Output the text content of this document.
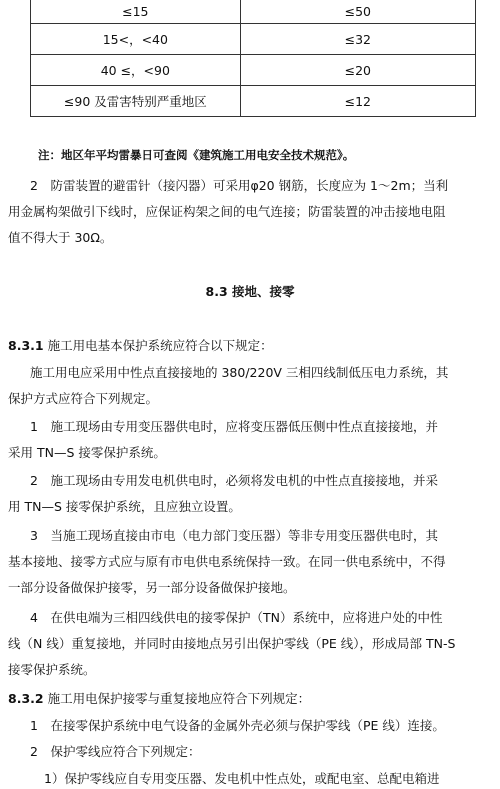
≤15	≤50
15<，<40	≤32
40 ≤，<90	≤20
≤90 及雷害特别严重地区	≤12
注：地区年平均雷暴日可查阅《建筑施工用电安全技术规范》。
2　防雷装置的避雷针（接闪器）可采用φ20 钢筋，长度应为 1～2m；当利
用金属构架做引下线时，应保证构架之间的电气连接；防雷装置的冲击接地电阻
值不得大于 30Ω。
8.3 接地、接零
8.3.1 施工用电基本保护系统应符合以下规定：
施工用电应采用中性点直接接地的 380/220V 三相四线制低压电力系统，其
保护方式应符合下列规定。
1　施工现场由专用变压器供电时，应将变压器低压侧中性点直接接地，并
采用 TN—S 接零保护系统。
2　施工现场由专用发电机供电时，必须将发电机的中性点直接接地，并采
用 TN—S 接零保护系统，且应独立设置。
3　当施工现场直接由市电（电力部门变压器）等非专用变压器供电时，其
基本接地、接零方式应与原有市电供电系统保持一致。在同一供电系统中，不得
一部分设备做保护接零，另一部分设备做保护接地。
4　在供电端为三相四线供电的接零保护（TN）系统中，应将进户处的中性
线（N 线）重复接地，并同时由接地点另引出保护零线（PE 线），形成局部 TN-S
接零保护系统。
8.3.2 施工用电保护接零与重复接地应符合下列规定：
1　在接零保护系统中电气设备的金属外壳必须与保护零线（PE 线）连接。
2　保护零线应符合下列规定：
1）保护零线应自专用变压器、发电机中性点处，或配电室、总配电箱进
